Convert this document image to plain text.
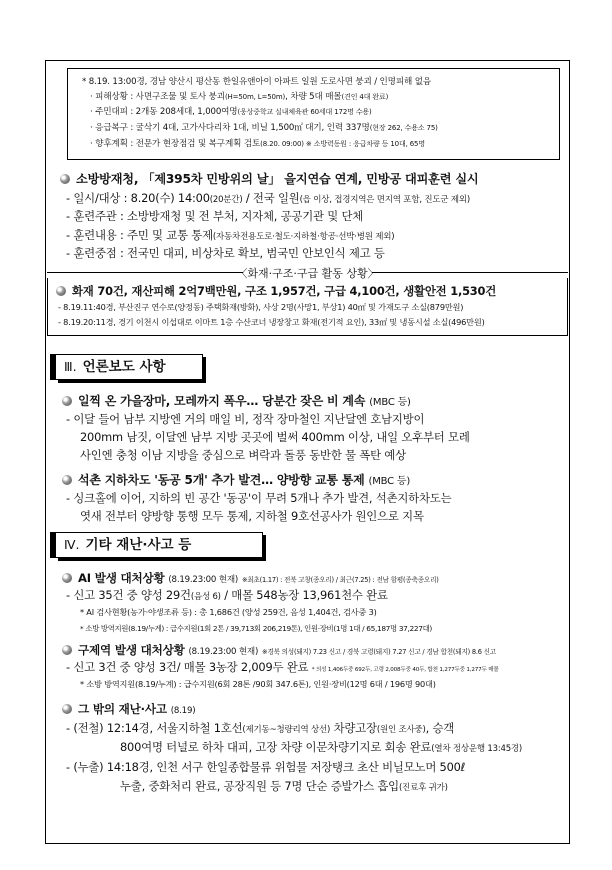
* 8.19. 13:00경, 경남 양산시 평산동 한일유앤아이 아파트 일원 도로사면 붕괴 / 인명피해 없음
· 피해상황 : 사면구조물 및 토사 붕괴(H=50m, L=50m), 차량 5대 매몰(견인 4대 완료)
· 주민대피 : 2개동 208세대, 1,000여명(웅상중학교 실내체육관 60세대 172명 수용)
· 응급복구 : 굴삭기 4대, 고가사다리차 1대, 비닐 1,500㎡ 대기, 인력 337명(현장 262, 수용소 75)
· 향후계획 : 전문가 현장점검 및 복구계획 검토(8.20. 09:00) ※ 소방력동원 : 응급차량 등 10대, 65명
소방방재청, 「제395차 민방위의 날」 을지연습 연계, 민방공 대피훈련 실시
- 일시/대상 : 8.20(수) 14:00(20분간) / 전국 일원(읍 이상, 접경지역은 면지역 포함, 진도군 제외)
- 훈련주관 : 소방방재청 및 전 부처, 지자체, 공공기관 및 단체
- 훈련내용 : 주민 및 교통 통제(자동차전용도로·철도·지하철·항공·선박·병원 제외)
- 훈련중점 : 전국민 대피, 비상차로 확보, 범국민 안보인식 제고 등
〈화재·구조·구급 활동 상황〉
화재 70건, 재산피해 2억7백만원, 구조 1,957건, 구급 4,100건, 생활안전 1,530건
- 8.19.11:40경, 부산진구 연수로(양정동) 주택화재(방화), 사상 2명(사망1, 부상1) 40㎡ 및 가재도구 소실(879만원)
- 8.19.20:11경, 경기 이천시 이섭대로 이마트 1층 수산코너 냉장창고 화재(전기적 요인), 33㎡ 및 냉동시설 소실(496만원)
Ⅲ. 언론보도 사항
일찍 온 가을장마, 모레까지 폭우… 당분간 잦은 비 계속 (MBC 등)
- 이달 들어 남부 지방엔 거의 매일 비, 정작 장마철인 지난달엔 호남지방이
200mm 남짓, 이달엔 남부 지방 곳곳에 벌써 400mm 이상, 내일 오후부터 모레
사인엔 충청 이남 지방을 중심으로 벼락과 돌풍 동반한 물 폭탄 예상
석촌 지하차도 '동공 5개' 추가 발견… 양방향 교통 통제 (MBC 등)
- 싱크홀에 이어, 지하의 빈 공간 '동공'이 무려 5개나 추가 발견, 석촌지하차도는
엿새 전부터 양방향 통행 모두 통제, 지하철 9호선공사가 원인으로 지목
Ⅳ. 기타 재난·사고 등
AI 발생 대처상황 (8.19.23:00 현재) ※최초(1.17) : 전북 고창(종오리) / 최근(7.25) : 전남 함평(종축종오리)
- 신고 35건 중 양성 29건(음성 6) / 매몰 548농장 13,961천수 완료
* AI 검사현황(농가·야생조류 등) : 총 1,686건 (양성 259건, 음성 1,404건, 검사중 3)
* 소방 방역지원(8.19/누계) : 급수지원(1회 2톤 / 39,713회 206,219톤), 인원·장비(1명 1대 / 65,187명 37,227대)
구제역 발생 대처상황 (8.19.23:00 현재) ※경북 의성(돼지) 7.23 신고 / 경북 고령(돼지) 7.27 신고 / 경남 합천(돼지) 8.6 신고
- 신고 3건 중 양성 3건/ 매몰 3농장 2,009두 완료 * 의성 1,406두중 692두, 고령 2,008두중 40두, 합천 1,277두중 1,277두 매몰
* 소방 방역지원(8.19/누계) : 급수지원(6회 28톤 /90회 347.6톤), 인원·장비(12명 6대 / 196명 90대)
그 밖의 재난·사고 (8.19)
- (전철) 12:14경, 서울지하철 1호선(제기동~청량리역 상선) 차량고장(원인 조사중), 승객
800여명 터널로 하차 대피, 고장 차량 이문차량기지로 회송 완료(열차 정상운행 13:45경)
- (누출) 14:18경, 인천 서구 한일종합물류 위험물 저장탱크 초산 비닐모노머 500ℓ
누출, 중화처리 완료, 공장직원 등 7명 단순 증발가스 흡입(진료후 귀가)
